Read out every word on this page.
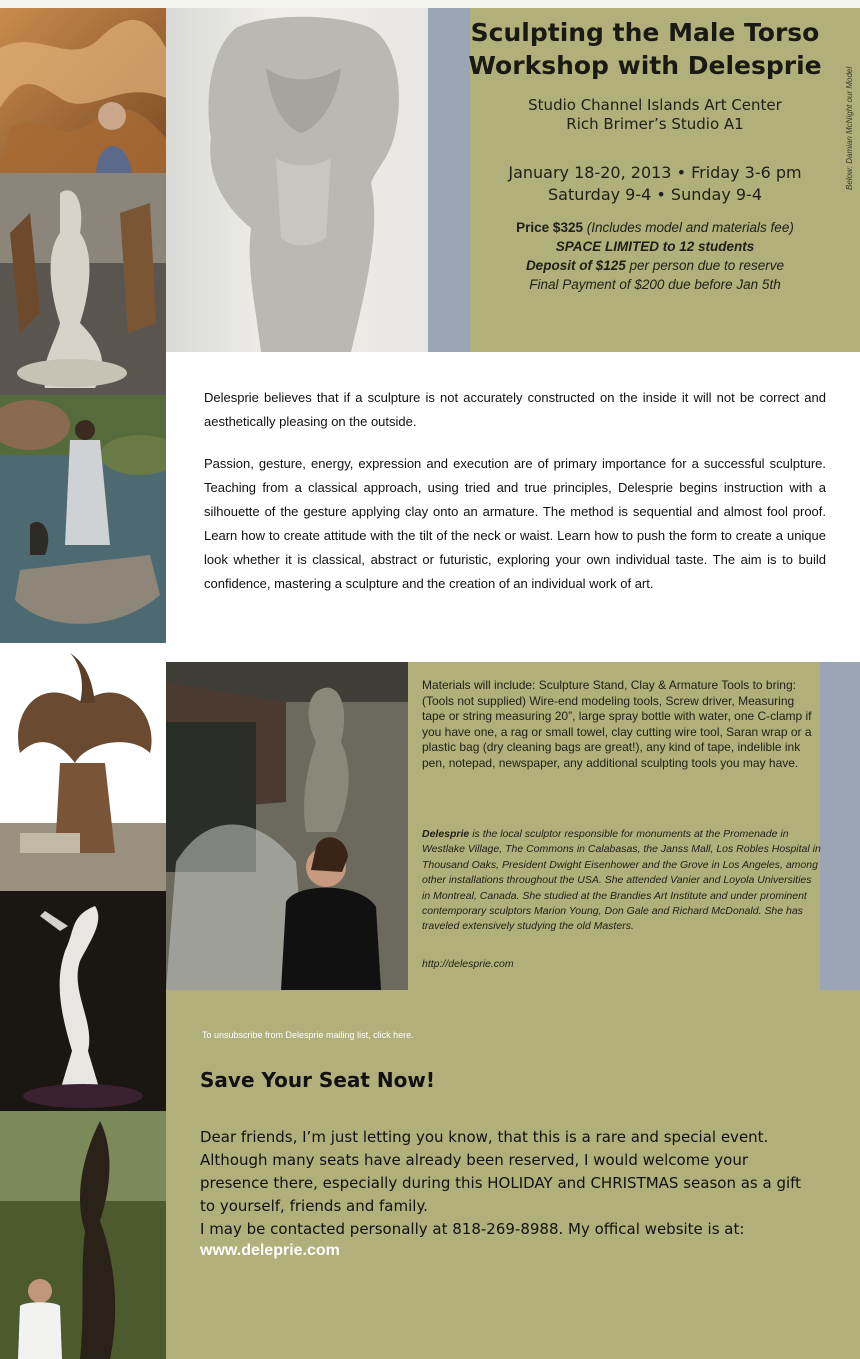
Sculpting the Male Torso
Workshop with Delesprie
Studio Channel Islands Art Center
Rich Brimer’s Studio A1
January 18-20, 2013 • Friday 3-6 pm
Saturday 9-4 • Sunday 9-4
Price $325 (Includes model and materials fee)
SPACE LIMITED to 12 students
Deposit of $125 per person due to reserve
Final Payment of $200 due before Jan 5th
Below: Damian McNight our Model

Delesprie believes that if a sculpture is not accurately constructed on the inside it will not be correct and aesthetically pleasing on the outside.

Passion, gesture, energy, expression and execution are of primary importance for a successful sculpture. Teaching from a classical approach, using tried and true principles, Delesprie begins instruction with a silhouette of the gesture applying clay onto an armature. The method is sequential and almost fool proof. Learn how to create attitude with the tilt of the neck or waist. Learn how to push the form to create a unique look whether it is classical, abstract or futuristic, exploring your own individual taste. The aim is to build confidence, mastering a sculpture and the creation of an individual work of art.

Materials will include: Sculpture Stand, Clay & Armature Tools to bring: (Tools not supplied) Wire-end modeling tools, Screw driver, Measuring tape or string measuring 20”, large spray bottle with water, one C-clamp if you have one, a rag or small towel, clay cutting wire tool, Saran wrap or a plastic bag (dry cleaning bags are great!), any kind of tape, indelible ink pen, notepad, newspaper, any additional sculpting tools you may have.

Delesprie is the local sculptor responsible for monuments at the Promenade in Westlake Village, The Commons in Calabasas, the Janss Mall, Los Robles Hospital in Thousand Oaks, President Dwight Eisenhower and the Grove in Los Angeles, among other installations throughout the USA. She attended Vanier and Loyola Universities in Montreal, Canada. She studied at the Brandies Art Institute and under prominent contemporary sculptors Marion Young, Don Gale and Richard McDonald. She has traveled extensively studying the old Masters.

http://delesprie.com
To unsubscribe from Delesprie mailing list, click here.
Save Your Seat Now!

Dear friends, I’m just letting you know, that this is a rare and special event. Although many seats have already been reserved, I would welcome your presence there, especially during this HOLIDAY and CHRISTMAS season as a gift to yourself, friends and family.

I may be contacted personally at 818-269-8988. My offical website is at:

www.deleprie.com
